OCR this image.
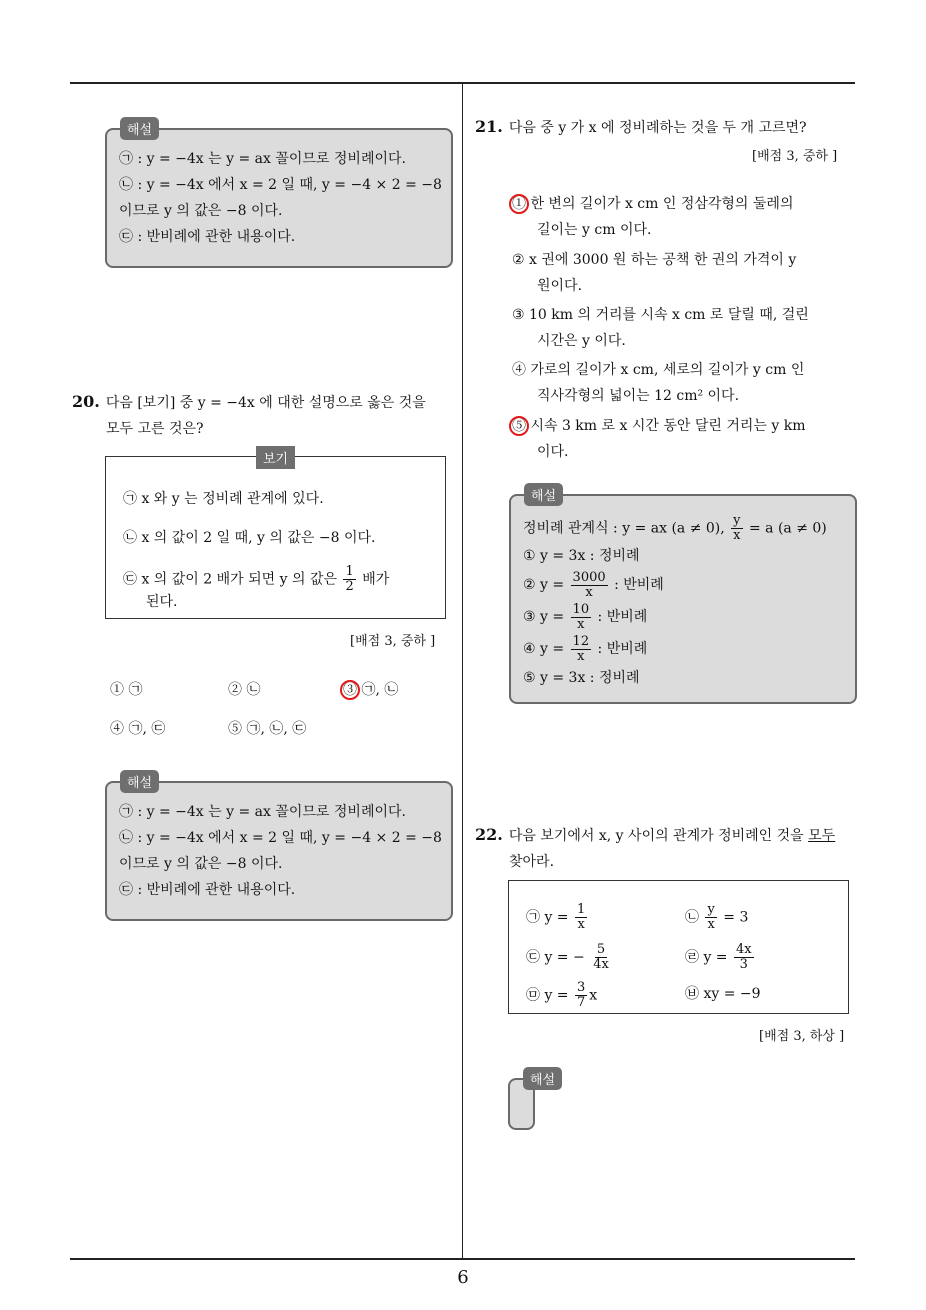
6
㉠ : y = −4x 는 y = ax 꼴이므로 정비례이다.
㉡ : y = −4x 에서 x = 2 일 때, y = −4 × 2 = −8
이므로 y 의 값은 −8 이다.
㉢ : 반비례에 관한 내용이다.
해설
20. 다음 [보기] 중 y = −4x 에 대한 설명으로 옳은 것을
모두 고른 것은?
㉠ x 와 y 는 정비례 관계에 있다.
㉡ x 의 값이 2 일 때, y 의 값은 −8 이다.
㉢ x 의 값이 2 배가 되면 y 의 값은 $\frac{1}{2}$ 배가
된다.
보기
[배점 3, 중하 ]
① ㉠	② ㉡	③ ㉠, ㉡
④ ㉠, ㉢	⑤ ㉠, ㉡, ㉢
㉠ : y = −4x 는 y = ax 꼴이므로 정비례이다.
㉡ : y = −4x 에서 x = 2 일 때, y = −4 × 2 = −8
이므로 y 의 값은 −8 이다.
㉢ : 반비례에 관한 내용이다.
해설
21. 다음 중 y 가 x 에 정비례하는 것을 두 개 고르면?
[배점 3, 중하 ]
① 한 변의 길이가 x cm 인 정삼각형의 둘레의
길이는 y cm 이다.
② x 권에 3000 원 하는 공책 한 권의 가격이 y
원이다.
③ 10 km 의 거리를 시속 x cm 로 달릴 때, 걸린
시간은 y 이다.
④ 가로의 길이가 x cm, 세로의 길이가 y cm 인
직사각형의 넓이는 12 cm² 이다.
⑤ 시속 3 km 로 x 시간 동안 달린 거리는 y km
이다.
정비례 관계식 : y = ax (a ≠ 0), $\frac{y}{x} = a$ (a ≠ 0)
① y = 3x : 정비례
② $y = \frac{3000}{x}$ : 반비례
③ $y = \frac{10}{x}$ : 반비례
④ $y = \frac{12}{x}$ : 반비례
⑤ y = 3x : 정비례
해설
22. 다음 보기에서 x, y 사이의 관계가 정비례인 것을 모두
찾아라.
㉠ $y = \frac{1}{x}$	㉡ $\frac{y}{x} = 3$
㉢ y = − $\frac{5}{4x}$	㉣ $y = \frac{4x}{3}$
㉤ $y = \frac{3}{7}$ x	㉥ xy = −9
[배점 3, 하상 ]
해설
